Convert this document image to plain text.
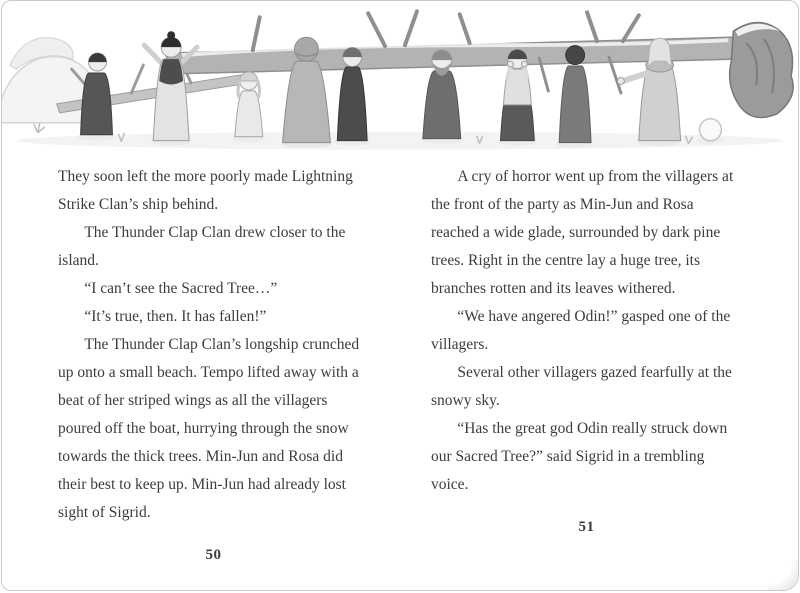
They soon left the more poorly made Lightning Strike Clan’s ship behind.

The Thunder Clap Clan drew closer to the island.

“I can’t see the Sacred Tree…”

“It’s true, then. It has fallen!”

The Thunder Clap Clan’s longship crunched up onto a small beach. Tempo lifted away with a beat of her striped wings as all the villagers poured off the boat, hurrying through the snow towards the thick trees. Min-Jun and Rosa did their best to keep up. Min-Jun had already lost sight of Sigrid.

50

A cry of horror went up from the villagers at the front of the party as Min-Jun and Rosa reached a wide glade, surrounded by dark pine trees. Right in the centre lay a huge tree, its branches rotten and its leaves withered.

“We have angered Odin!” gasped one of the villagers.

Several other villagers gazed fearfully at the snowy sky.

“Has the great god Odin really struck down our Sacred Tree?” said Sigrid in a trembling voice.

51
